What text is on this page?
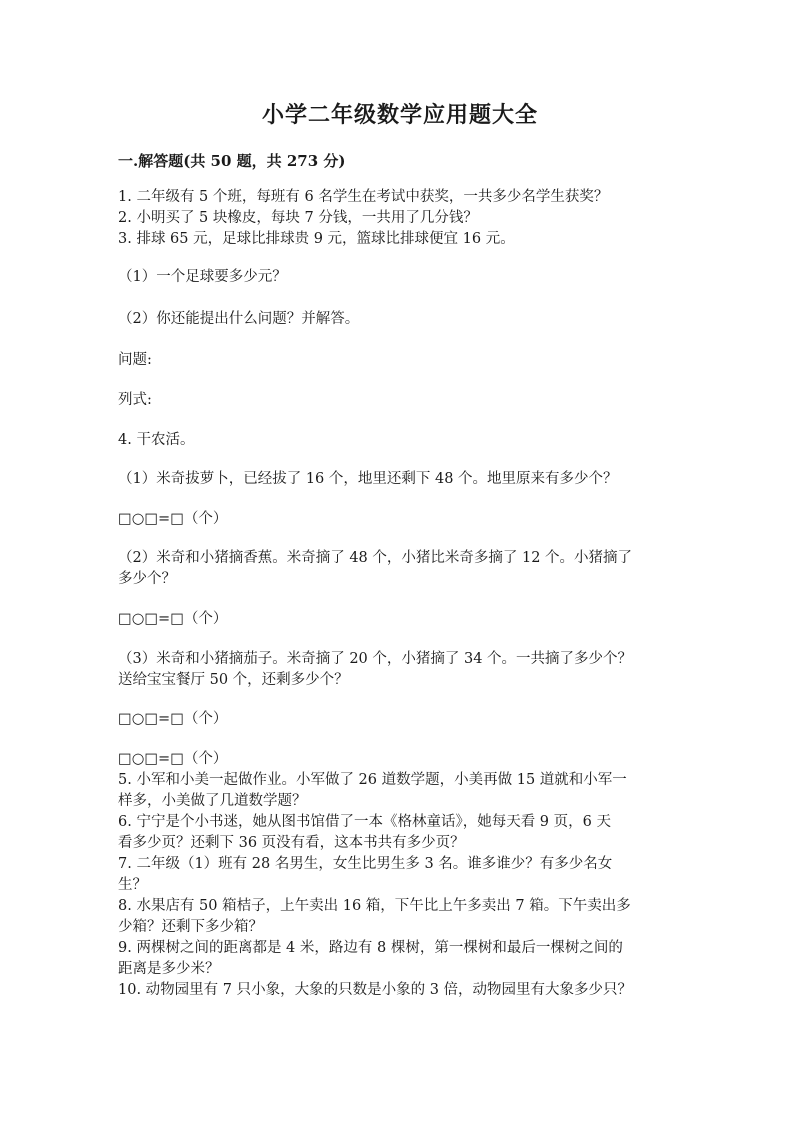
小学二年级数学应用题大全
一.解答题(共 50 题，共 273 分)
1. 二年级有 5 个班，每班有 6 名学生在考试中获奖，一共多少名学生获奖？
2. 小明买了 5 块橡皮，每块 7 分钱，一共用了几分钱？
3. 排球 65 元，足球比排球贵 9 元，篮球比排球便宜 16 元。
（1）一个足球要多少元？
（2）你还能提出什么问题？并解答。
问题:
列式:
4. 干农活。
（1）米奇拔萝卜，已经拔了 16 个，地里还剩下 48 个。地里原来有多少个？
□○□=□（个）
（2）米奇和小猪摘香蕉。米奇摘了 48 个，小猪比米奇多摘了 12 个。小猪摘了
多少个？
□○□=□（个）
（3）米奇和小猪摘茄子。米奇摘了 20 个，小猪摘了 34 个。一共摘了多少个？
送给宝宝餐厅 50 个，还剩多少个？
□○□=□（个）
□○□=□（个）
5. 小军和小美一起做作业。小军做了 26 道数学题，小美再做 15 道就和小军一
样多，小美做了几道数学题？
6. 宁宁是个小书迷，她从图书馆借了一本《格林童话》，她每天看 9 页，6 天
看多少页？还剩下 36 页没有看，这本书共有多少页？
7. 二年级（1）班有 28 名男生，女生比男生多 3 名。谁多谁少？有多少名女
生？
8. 水果店有 50 箱桔子，上午卖出 16 箱，下午比上午多卖出 7 箱。下午卖出多
少箱？还剩下多少箱？
9. 两棵树之间的距离都是 4 米，路边有 8 棵树，第一棵树和最后一棵树之间的
距离是多少米？
10. 动物园里有 7 只小象，大象的只数是小象的 3 倍，动物园里有大象多少只？
